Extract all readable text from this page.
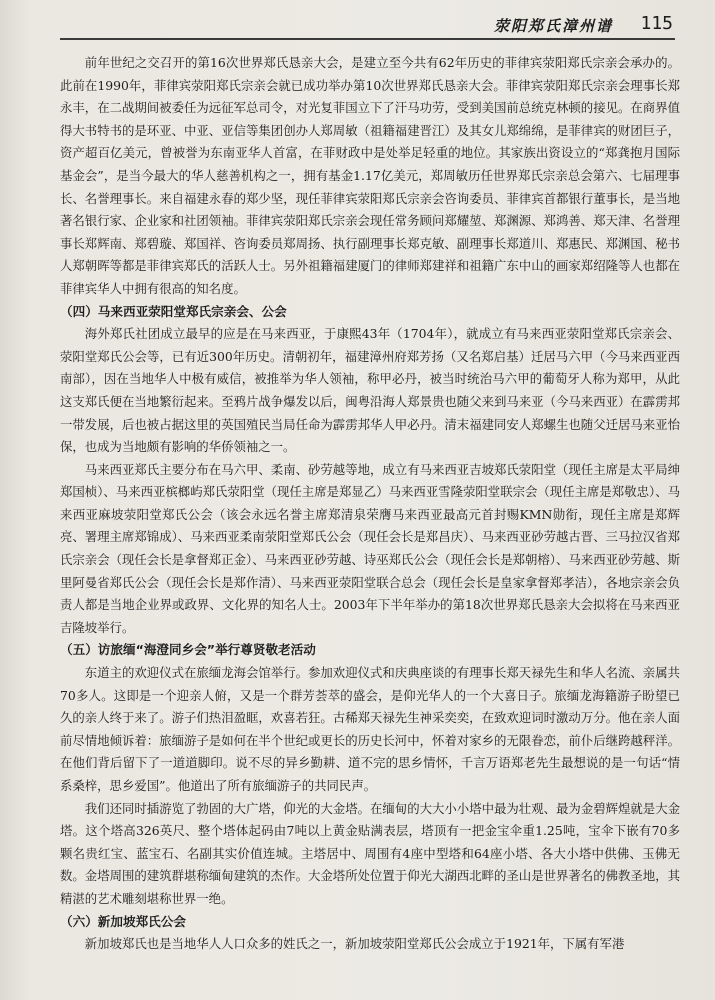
荥阳郑氏漳州谱 115

前年世纪之交召开的第16次世界郑氏恳亲大会，是建立至今共有62年历史的菲律宾荥阳郑氏宗亲会承办的。此前在1990年，菲律宾荥阳郑氏宗亲会就已成功举办第10次世界郑氏恳亲大会。菲律宾荥阳郑氏宗亲会理事长郑永丰，在二战期间被委任为远征军总司令，对光复菲国立下了汗马功劳，受到美国前总统克林顿的接见。在商界值得大书特书的是环亚、中亚、亚信等集团创办人郑周敏（祖籍福建晋江）及其女儿郑绵绵，是菲律宾的财团巨子，资产超百亿美元，曾被誉为东南亚华人首富，在菲财政中是处举足轻重的地位。其家族出资设立的“郑龚抱月国际基金会”，是当今最大的华人慈善机构之一，拥有基金1.17亿美元，郑周敏历任世界郑氏宗亲总会第六、七届理事长、名誉理事长。来自福建永春的郑少坚，现任菲律宾荥阳郑氏宗亲会咨询委员、菲律宾首都银行董事长，是当地著名银行家、企业家和社团领袖。菲律宾荥阳郑氏宗亲会现任常务顾问郑耀堃、郑渊源、郑鸿善、郑天津、名誉理事长郑辉南、郑碧璇、郑国祥、咨询委员郑周扬、执行副理事长郑克敏、副理事长郑道川、郑惠民、郑渊国、秘书人郑朝晖等都是菲律宾郑氏的活跃人士。另外祖籍福建厦门的律师郑建祥和祖籍广东中山的画家郑绍隆等人也都在菲律宾华人中拥有很高的知名度。

（四）马来西亚荥阳堂郑氏宗亲会、公会

海外郑氏社团成立最早的应是在马来西亚，于康熙43年（1704年），就成立有马来西亚荥阳堂郑氏宗亲会、荥阳堂郑氏公会等，已有近300年历史。清朝初年，福建漳州府郑芳扬（又名郑启基）迁居马六甲（今马来西亚西南部），因在当地华人中极有威信，被推举为华人领袖，称甲必丹，被当时统治马六甲的葡萄牙人称为郑甲，从此这支郑氏便在当地繁衍起来。至鸦片战争爆发以后，闽粤沿海人郑景贵也随父来到马来亚（今马来西亚）在霹雳邦一带发展，后也被占据这里的英国殖民当局任命为霹雳邦华人甲必丹。清末福建同安人郑螺生也随父迁居马来亚怡保，也成为当地颇有影响的华侨领袖之一。

马来西亚郑氏主要分布在马六甲、柔南、砂劳越等地，成立有马来西亚吉坡郑氏荥阳堂（现任主席是太平局绅郑国桢）、马来西亚槟榔屿郑氏荥阳堂（现任主席是郑显乙）马来西亚雪隆荥阳堂联宗会（现任主席是郑敬忠）、马来西亚麻坡荥阳堂郑氏公会（该会永远名誉主席郑清泉荣膺马来西亚最高元首封赐KMN勋衔，现任主席是郑辉亮、署理主席郑锦成）、马来西亚柔南荥阳堂郑氏公会（现任会长是郑昌庆）、马来西亚砂劳越古晋、三马拉汉省郑氏宗亲会（现任会长是拿督郑正金）、马来西亚砂劳越、诗巫郑氏公会（现任会长是郑朝榕）、马来西亚砂劳越、斯里阿曼省郑氏公会（现任会长是郑作清）、马来西亚荥阳堂联合总会（现任会长是皇家拿督郑孝洁），各地宗亲会负责人都是当地企业界或政界、文化界的知名人士。2003年下半年举办的第18次世界郑氏恳亲大会拟将在马来西亚吉隆坡举行。

（五）访旅缅“海澄同乡会”举行尊贤敬老活动

东道主的欢迎仪式在旅缅龙海会馆举行。参加欢迎仪式和庆典座谈的有理事长郑天禄先生和华人名流、亲属共70多人。这即是一个迎亲人俯，又是一个群芳荟萃的盛会，是仰光华人的一个大喜日子。旅缅龙海籍游子盼望已久的亲人终于来了。游子们热泪盈眶，欢喜若狂。古稀郑天禄先生神采奕奕，在致欢迎词时激动万分。他在亲人面前尽情地倾诉着：旅缅游子是如何在半个世纪或更长的历史长河中，怀着对家乡的无限眷恋，前仆后继跨越秤洋。在他们背后留下了一道道脚印。说不尽的异乡勤耕、道不完的思乡情怀，千言万语郑老先生最想说的是一句话“情系桑梓，思乡爱国”。他道出了所有旅缅游子的共同民声。

我们还同时插游览了勃固的大广塔，仰光的大金塔。在缅甸的大大小小塔中最为壮观、最为金碧辉煌就是大金塔。这个塔高326英尺、整个塔体起码由7吨以上黄金贴满表层，塔顶有一把金宝伞重1.25吨，宝伞下嵌有70多颗名贵红宝、蓝宝石、名副其实价值连城。主塔居中、周围有4座中型塔和64座小塔、各大小塔中供佛、玉佛无数。金塔周围的建筑群堪称缅甸建筑的杰作。大金塔所处位置于仰光大湖西北畔的圣山是世界著名的佛教圣地，其精湛的艺术雕刻堪称世界一绝。

（六）新加坡郑氏公会

新加坡郑氏也是当地华人人口众多的姓氏之一，新加坡荥阳堂郑氏公会成立于1921年，下属有军港
